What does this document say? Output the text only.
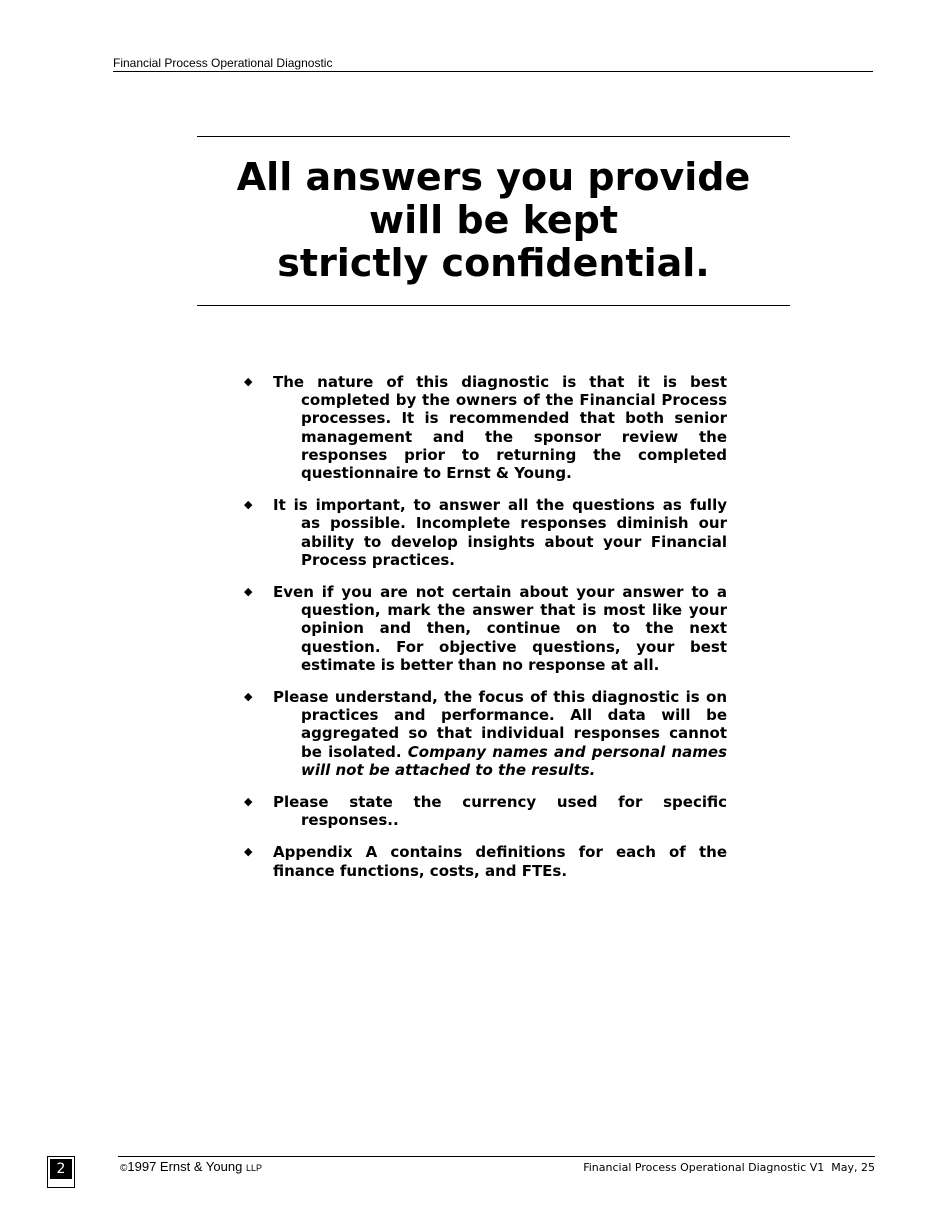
Financial Process Operational Diagnostic
All answers you provide
will be kept
strictly confidential.
◆ The nature of this diagnostic is that it is best completed by the owners of the Financial Process processes. It is recommended that both senior management and the sponsor review the responses prior to returning the completed questionnaire to Ernst & Young.
◆ It is important, to answer all the questions as fully as possible. Incomplete responses diminish our ability to develop insights about your Financial Process practices.
◆ Even if you are not certain about your answer to a question, mark the answer that is most like your opinion and then, continue on to the next question. For objective questions, your best estimate is better than no response at all.
◆ Please understand, the focus of this diagnostic is on practices and performance. All data will be aggregated so that individual responses cannot be isolated. Company names and personal names will not be attached to the results.
◆ Please state the currency used for specific responses..
◆ Appendix A contains definitions for each of the finance functions, costs, and FTEs.
2	©1997 Ernst & Young LLP	Financial Process Operational Diagnostic V1  May, 25
